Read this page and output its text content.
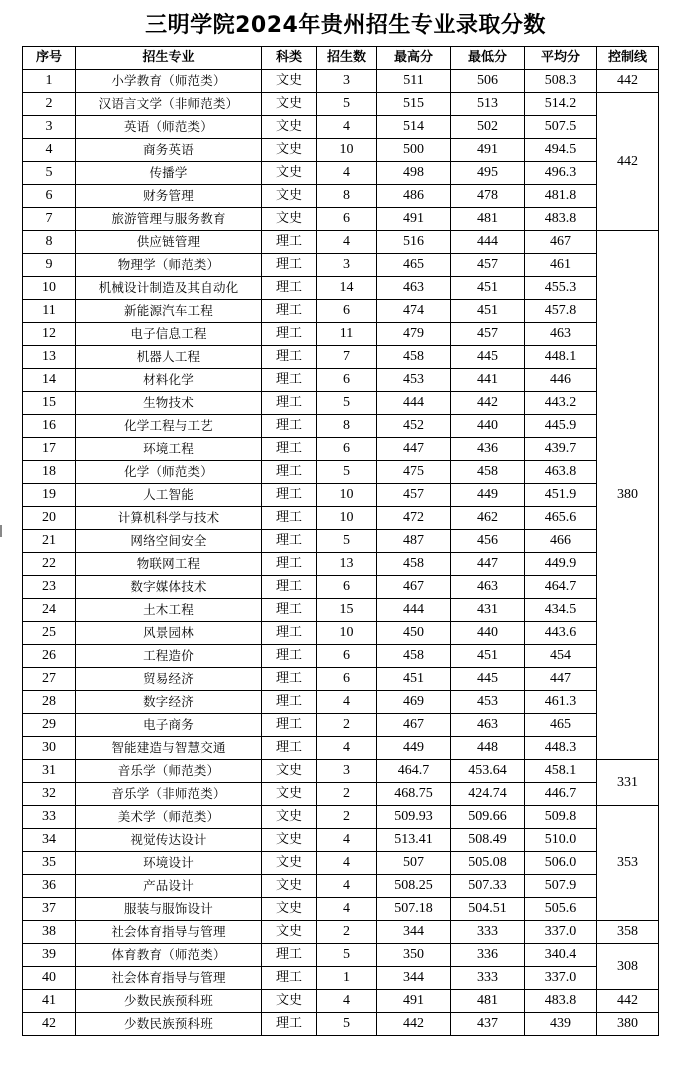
三明学院2024年贵州招生专业录取分数
序号	招生专业	科类	招生数	最高分	最低分	平均分	控制线
1	小学教育（师范类）	文史	3	511	506	508.3	442
2	汉语言文学（非师范类）	文史	5	515	513	514.2	442
3	英语（师范类）	文史	4	514	502	507.5	
4	商务英语	文史	10	500	491	494.5	
5	传播学	文史	4	498	495	496.3	
6	财务管理	文史	8	486	478	481.8	
7	旅游管理与服务教育	文史	6	491	481	483.8	
8	供应链管理	理工	4	516	444	467	380
9	物理学（师范类）	理工	3	465	457	461	
10	机械设计制造及其自动化	理工	14	463	451	455.3	
11	新能源汽车工程	理工	6	474	451	457.8	
12	电子信息工程	理工	11	479	457	463	
13	机器人工程	理工	7	458	445	448.1	
14	材料化学	理工	6	453	441	446	
15	生物技术	理工	5	444	442	443.2	
16	化学工程与工艺	理工	8	452	440	445.9	
17	环境工程	理工	6	447	436	439.7	
18	化学（师范类）	理工	5	475	458	463.8	
19	人工智能	理工	10	457	449	451.9	
20	计算机科学与技术	理工	10	472	462	465.6	
21	网络空间安全	理工	5	487	456	466	
22	物联网工程	理工	13	458	447	449.9	
23	数字媒体技术	理工	6	467	463	464.7	
24	土木工程	理工	15	444	431	434.5	
25	风景园林	理工	10	450	440	443.6	
26	工程造价	理工	6	458	451	454	
27	贸易经济	理工	6	451	445	447	
28	数字经济	理工	4	469	453	461.3	
29	电子商务	理工	2	467	463	465	
30	智能建造与智慧交通	理工	4	449	448	448.3	
31	音乐学（师范类）	文史	3	464.7	453.64	458.1	331
32	音乐学（非师范类）	文史	2	468.75	424.74	446.7	
33	美术学（师范类）	文史	2	509.93	509.66	509.8	353
34	视觉传达设计	文史	4	513.41	508.49	510.0	
35	环境设计	文史	4	507	505.08	506.0	
36	产品设计	文史	4	508.25	507.33	507.9	
37	服装与服饰设计	文史	4	507.18	504.51	505.6	
38	社会体育指导与管理	文史	2	344	333	337.0	358
39	体育教育（师范类）	理工	5	350	336	340.4	308
40	社会体育指导与管理	理工	1	344	333	337.0	
41	少数民族预科班	文史	4	491	481	483.8	442
42	少数民族预科班	理工	5	442	437	439	380
